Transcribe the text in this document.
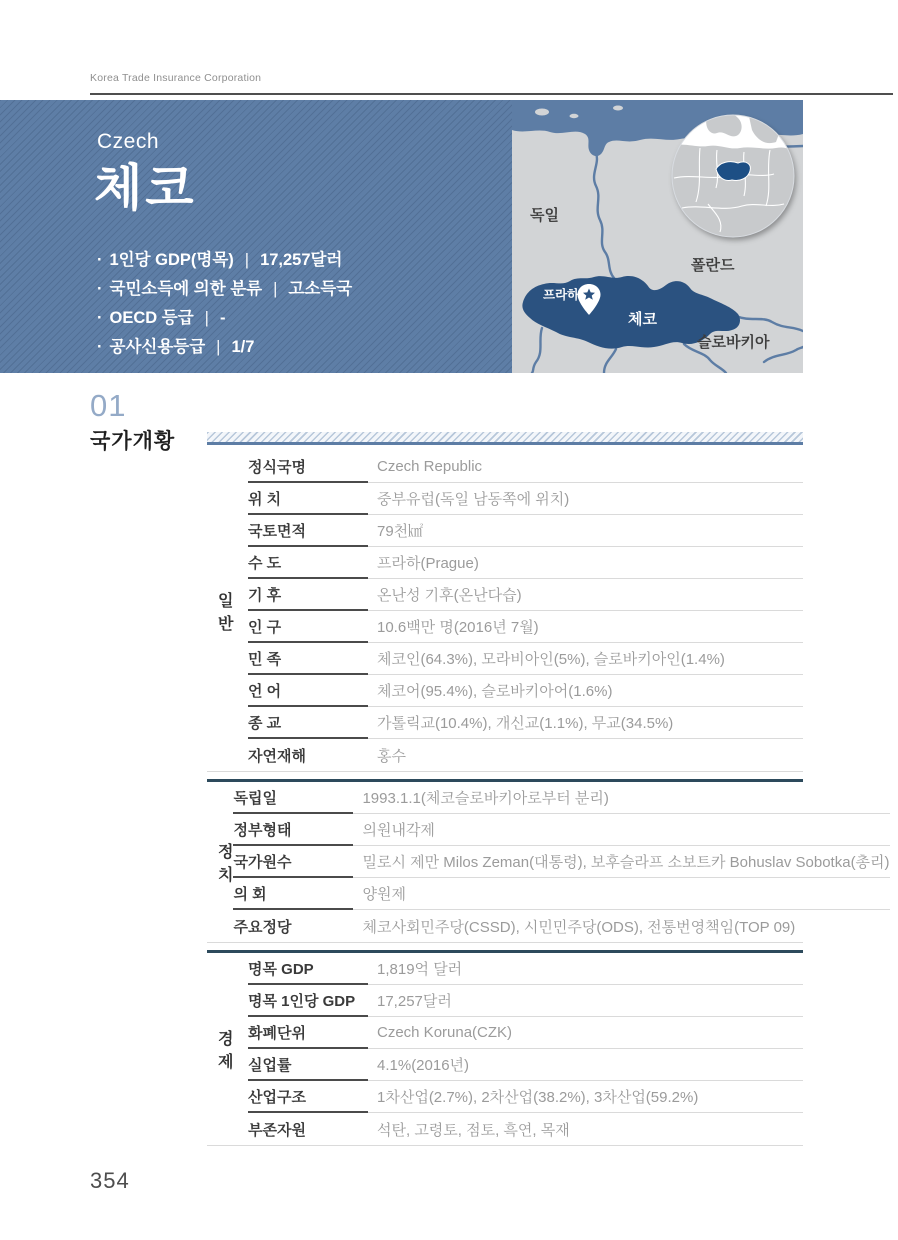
Korea Trade Insurance Corporation
Czech
체코
· 1인당 GDP(명목) | 17,257달러
· 국민소득에 의한 분류 | 고소득국
· OECD 등급 | -
· 공사신용등급 | 1/7
독일
폴란드
슬로바키아
프라하
체코
01
국가개황
일반
정식국명	Czech Republic
위 치	중부유럽(독일 남동쪽에 위치)
국토면적	79천㎢
수 도	프라하(Prague)
기 후	온난성 기후(온난다습)
인 구	10.6백만 명(2016년 7월)
민 족	체코인(64.3%), 모라비아인(5%), 슬로바키아인(1.4%)
언 어	체코어(95.4%), 슬로바키아어(1.6%)
종 교	가톨릭교(10.4%), 개신교(1.1%), 무교(34.5%)
자연재해	홍수
정치
독립일	1993.1.1(체코슬로바키아로부터 분리)
정부형태	의원내각제
국가원수	밀로시 제만 Milos Zeman(대통령), 보후슬라프 소보트카 Bohuslav Sobotka(총리)
의 회	양원제
주요정당	체코사회민주당(CSSD), 시민민주당(ODS), 전통번영책임(TOP 09)
경제
명목 GDP	1,819억 달러
명목 1인당 GDP	17,257달러
화폐단위	Czech Koruna(CZK)
실업률	4.1%(2016년)
산업구조	1차산업(2.7%), 2차산업(38.2%), 3차산업(59.2%)
부존자원	석탄, 고령토, 점토, 흑연, 목재
354
